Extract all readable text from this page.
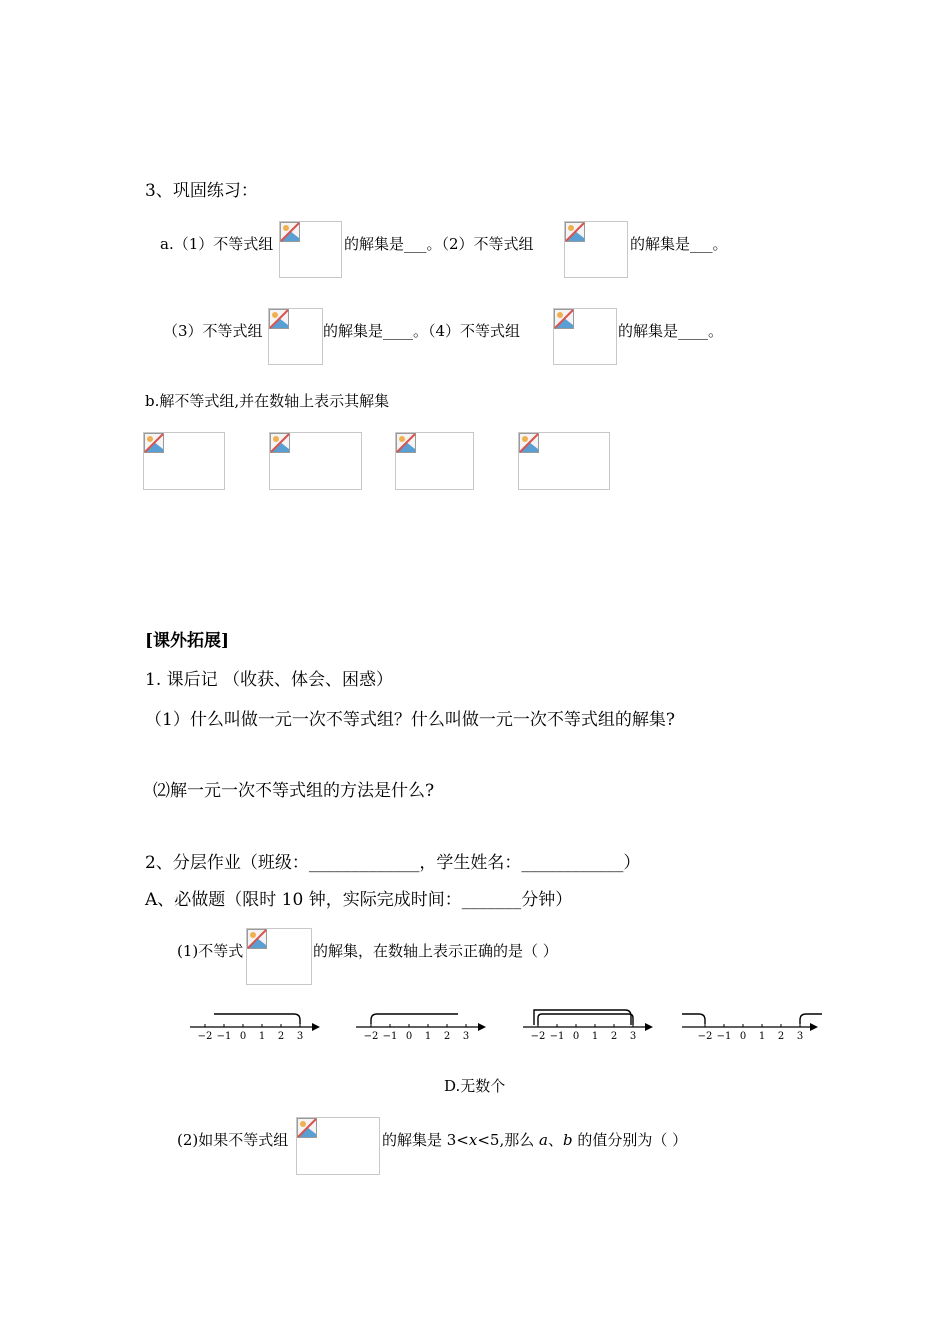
3、巩固练习：
a.（1）不等式组	的解集是___。（2）不等式组	的解集是___。
（3）不等式组	的解集是____。（4）不等式组	的解集是____。
b.解不等式组,并在数轴上表示其解集
[课外拓展]
1. 课后记 （收获、体会、困惑）
（1）什么叫做一元一次不等式组？什么叫做一元一次不等式组的解集?
⑵解一元一次不等式组的方法是什么?
2、分层作业（班级：_____________，学生姓名：____________）
A、必做题（限时 10 钟，实际完成时间：_______分钟）
(1)不等式	的解集，在数轴上表示正确的是（ ）
−2 −1 0 1 2 3	−2 −1 0 1 2 3	−2 −1 0 1 2 3	−2 −1 0 1 2 3
D.无数个
(2)如果不等式组	的解集是 3<x<5,那么 a、b 的值分别为（ ）
